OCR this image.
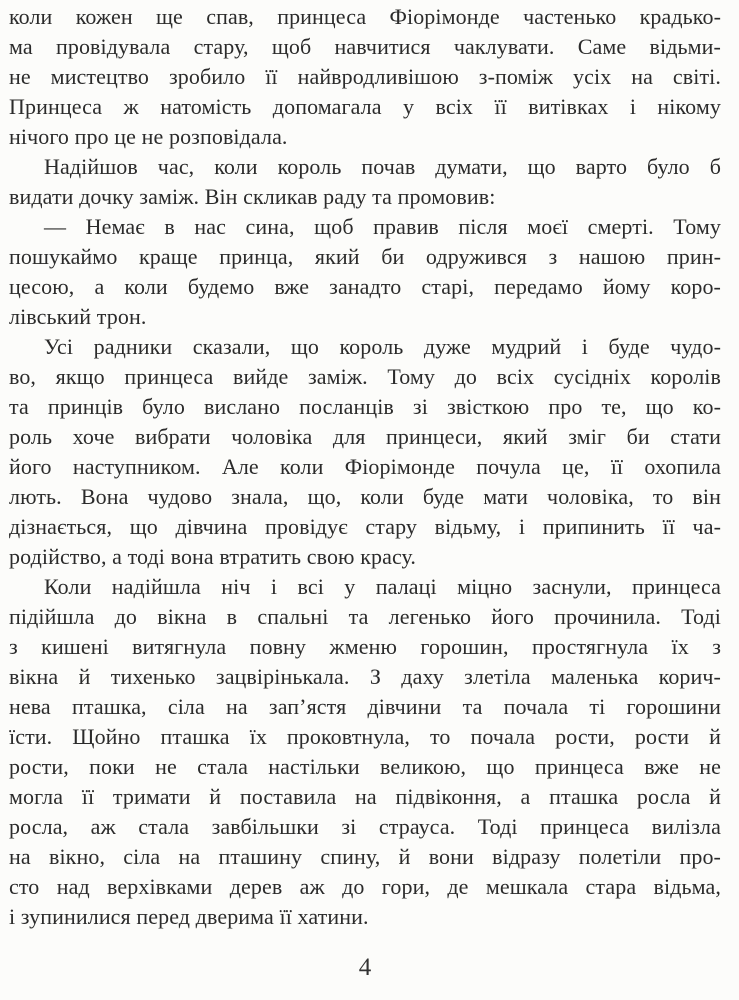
коли кожен ще спав, принцеса Фіорімонде частенько крадько-
ма провідувала стару, щоб навчитися чаклувати. Саме відьми-
не мистецтво зробило її найвродливішою з-поміж усіх на світі.
Принцеса ж натомість допомагала у всіх її витівках і нікому
нічого про це не розповідала.
Надійшов час, коли король почав думати, що варто було б
видати дочку заміж. Він скликав раду та промовив:
— Немає в нас сина, щоб правив після моєї смерті. Тому
пошукаймо краще принца, який би одружився з нашою прин-
цесою, а коли будемо вже занадто старі, передамо йому коро-
лівський трон.
Усі радники сказали, що король дуже мудрий і буде чудо-
во, якщо принцеса вийде заміж. Тому до всіх сусідніх королів
та принців було вислано посланців зі звісткою про те, що ко-
роль хоче вибрати чоловіка для принцеси, який зміг би стати
його наступником. Але коли Фіорімонде почула це, її охопила
лють. Вона чудово знала, що, коли буде мати чоловіка, то він
дізнається, що дівчина провідує стару відьму, і припинить її ча-
родійство, а тоді вона втратить свою красу.
Коли надійшла ніч і всі у палаці міцно заснули, принцеса
підійшла до вікна в спальні та легенько його прочинила. Тоді
з кишені витягнула повну жменю горошин, простягнула їх з
вікна й тихенько зацвірінькала. З даху злетіла маленька корич-
нева пташка, сіла на зап’ястя дівчини та почала ті горошини
їсти. Щойно пташка їх проковтнула, то почала рости, рости й
рости, поки не стала настільки великою, що принцеса вже не
могла її тримати й поставила на підвіконня, а пташка росла й
росла, аж стала завбільшки зі страуса. Тоді принцеса вилізла
на вікно, сіла на пташину спину, й вони відразу полетіли про-
сто над верхівками дерев аж до гори, де мешкала стара відьма,
і зупинилися перед дверима її хатини.
4
